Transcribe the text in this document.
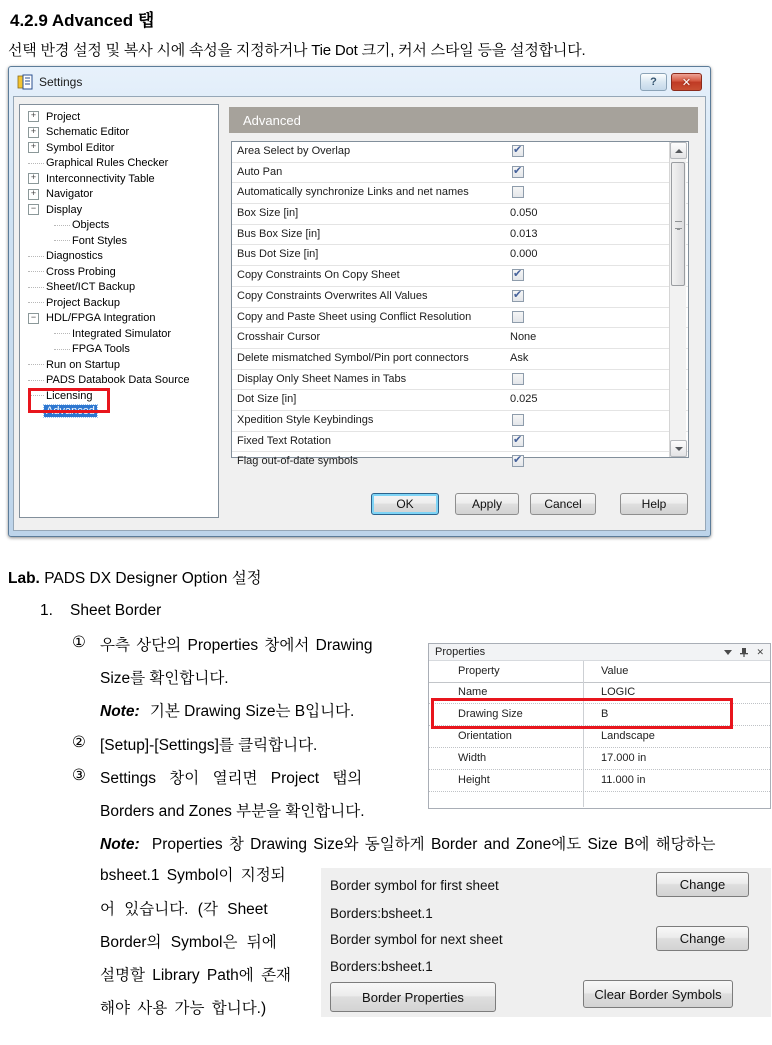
4.2.9 Advanced 탭
선택 반경 설정 및 복사 시에 속성을 지정하거나 Tie Dot 크기, 커서 스타일 등을 설정합니다.
Settings	? ✕
+ Project
+ Schematic Editor
+ Symbol Editor
Graphical Rules Checker
+ Interconnectivity Table
+ Navigator
− Display
Objects
Font Styles
Diagnostics
Cross Probing
Sheet/ICT Backup
Project Backup
− HDL/FPGA Integration
Integrated Simulator
FPGA Tools
Run on Startup
PADS Databook Data Source
Licensing
Advanced
Advanced
Area Select by Overlap	✔
Auto Pan	✔
Automatically synchronize Links and net names
Box Size [in]	0.050
Bus Box Size [in]	0.013
Bus Dot Size [in]	0.000
Copy Constraints On Copy Sheet	✔
Copy Constraints Overwrites All Values	✔
Copy and Paste Sheet using Conflict Resolution
Crosshair Cursor	None
Delete mismatched Symbol/Pin port connectors	Ask
Display Only Sheet Names in Tabs
Dot Size [in]	0.025
Xpedition Style Keybindings
Fixed Text Rotation	✔
Flag out-of-date symbols	✔
OK	Apply	Cancel	Help
Lab. PADS DX Designer Option 설정
1. Sheet Border
① 우측 상단의 Properties 창에서 Drawing
Size를 확인합니다.
Note: 기본 Drawing Size는 B입니다.
② [Setup]-[Settings]를 클릭합니다.
③ Settings 창이 열리면 Project 탭의
Borders and Zones 부분을 확인합니다.
Note: Properties 창 Drawing Size와 동일하게 Border and Zone에도 Size B에 해당하는
bsheet.1 Symbol이 지정되
어 있습니다. (각 Sheet
Border의 Symbol은 뒤에
설명할 Library Path에 존재
해야 사용 가능 합니다.)
Properties	✕
Property	Value
Name	LOGIC
Drawing Size	B
Orientation	Landscape
Width	17.000 in
Height	11.000 in
Border symbol for first sheet	Change
Borders:bsheet.1
Border symbol for next sheet	Change
Borders:bsheet.1
Border Properties	Clear Border Symbols
